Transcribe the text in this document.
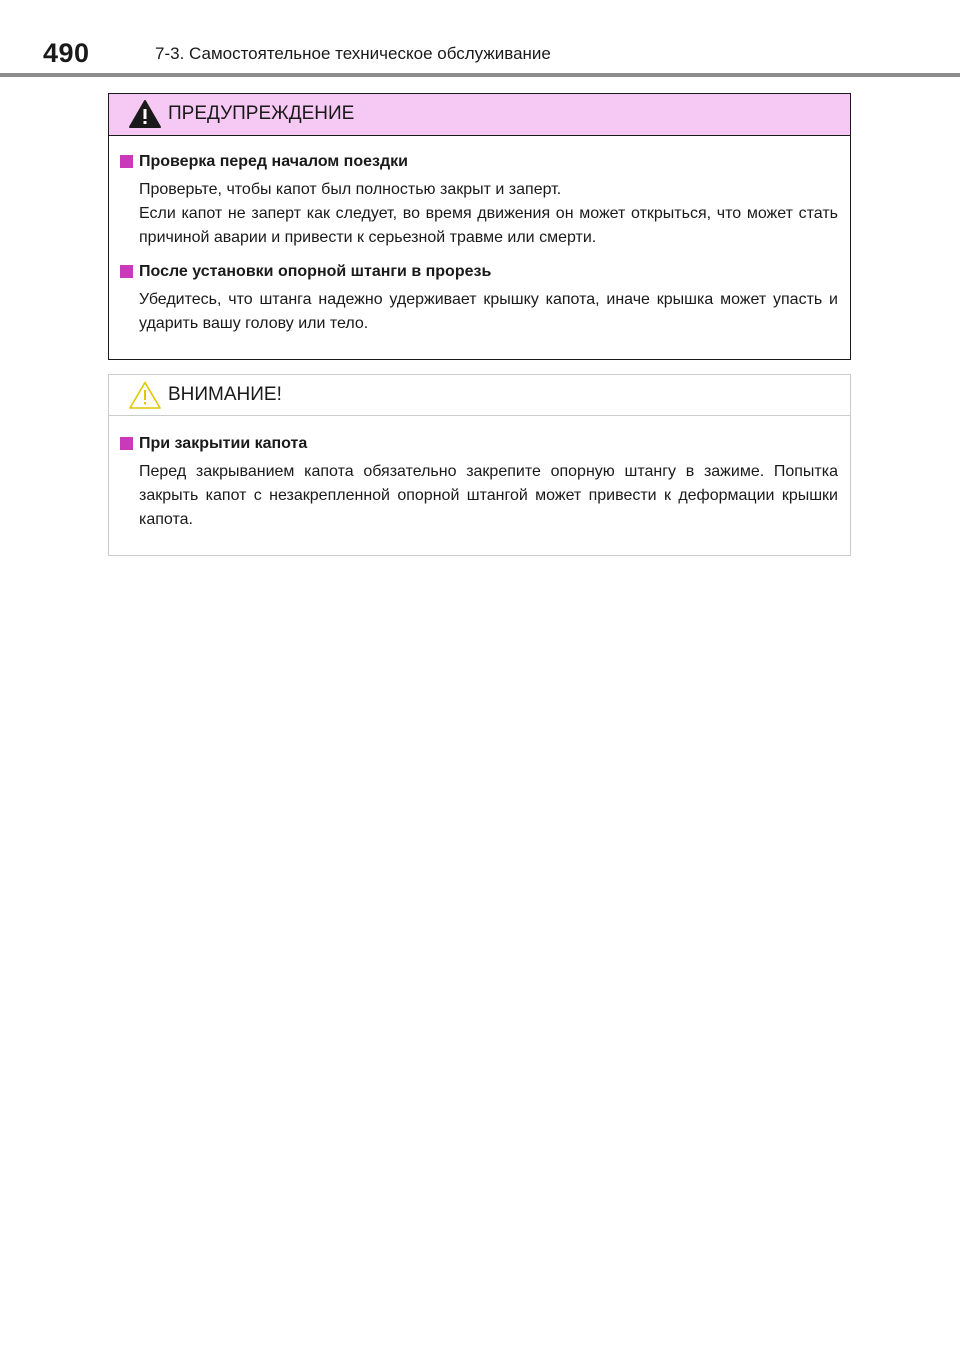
490	7-3. Самостоятельное техническое обслуживание
ПРЕДУПРЕЖДЕНИЕ
Проверка перед началом поездки

Проверьте, чтобы капот был полностью закрыт и заперт.

Если капот не заперт как следует, во время движения он может открыться, что может стать причиной аварии и привести к серьезной травме или смерти.

После установки опорной штанги в прорезь

Убедитесь, что штанга надежно удерживает крышку капота, иначе крышка может упасть и ударить вашу голову или тело.

ВНИМАНИЕ!
При закрытии капота

Перед закрыванием капота обязательно закрепите опорную штангу в зажиме. Попытка закрыть капот с незакрепленной опорной штангой может привести к деформации крышки капота.
